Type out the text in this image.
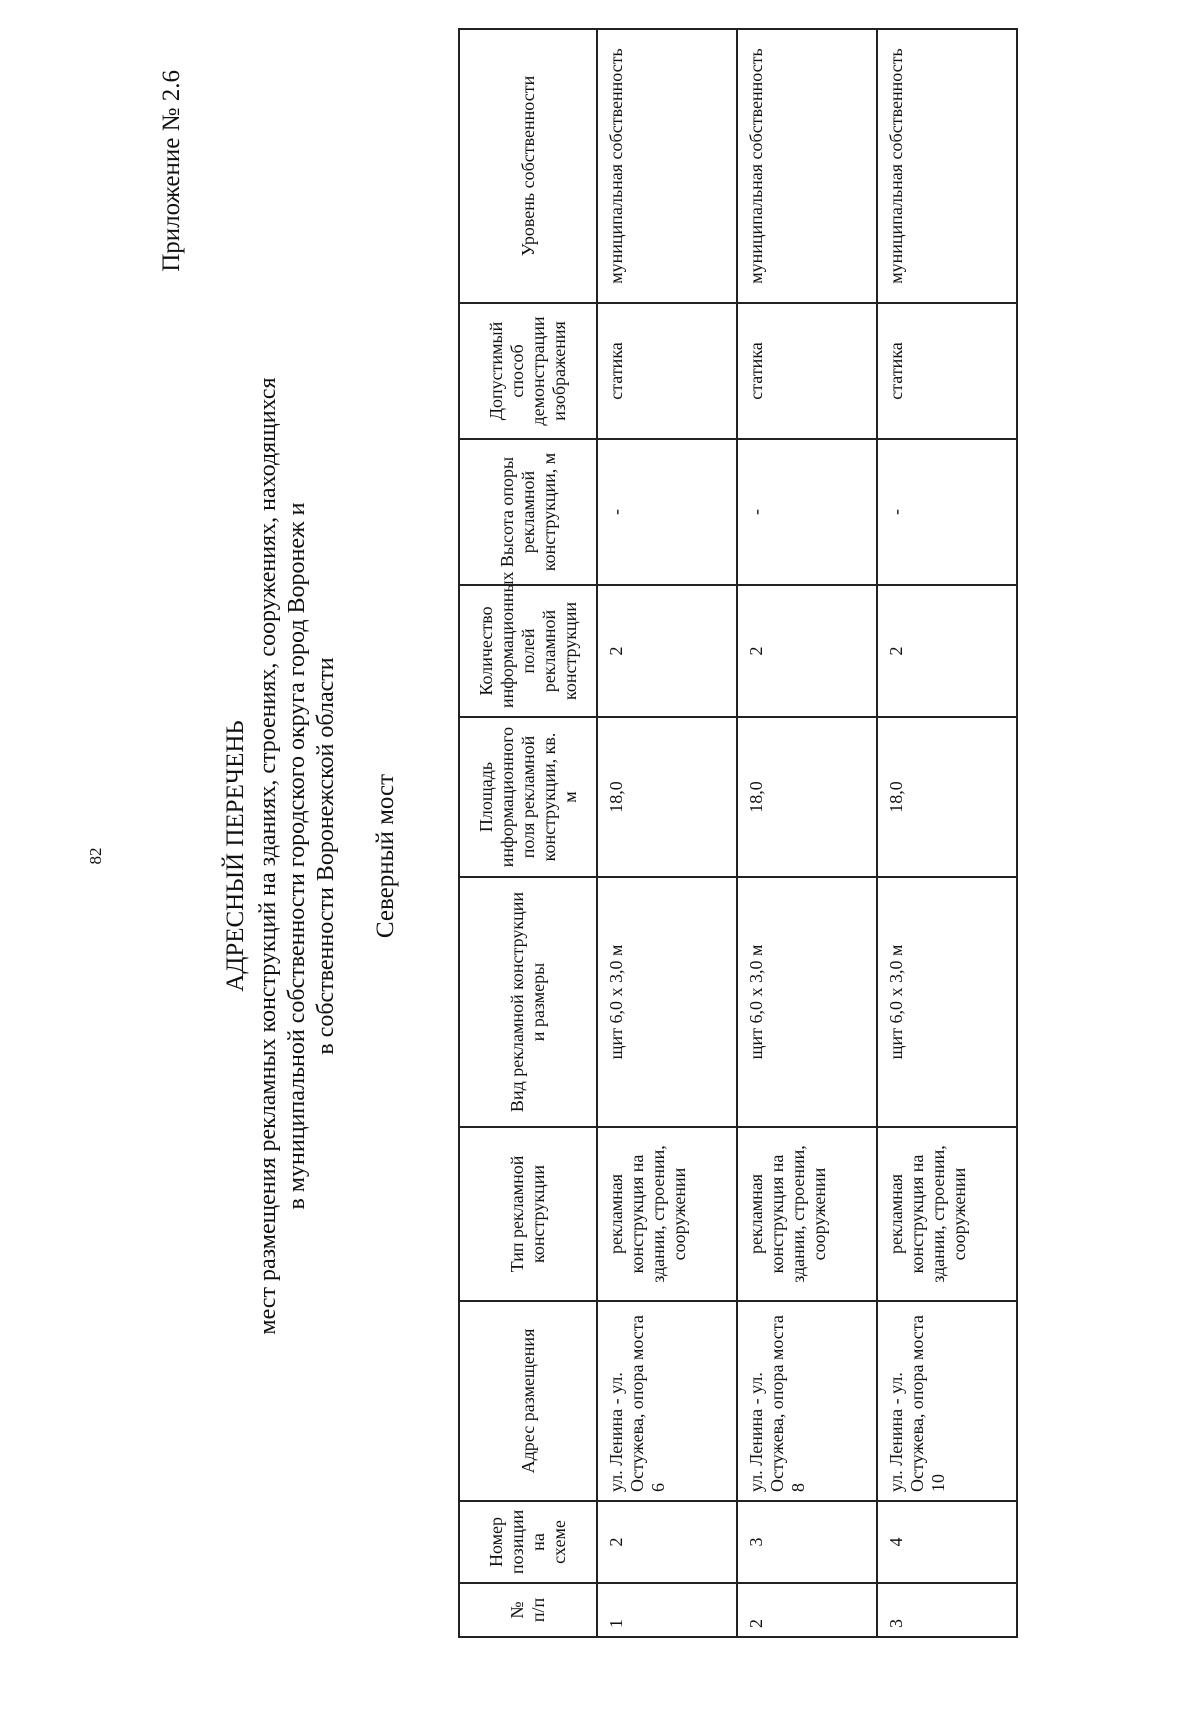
82
Приложение № 2.6
АДРЕСНЫЙ ПЕРЕЧЕНЬ мест размещения рекламных конструкций на зданиях, строениях, сооружениях, находящихся в муниципальной собственности городского округа город Воронеж и в собственности Воронежской области Северный мост
№ п/п	Номер позиции на схеме	Адрес размещения	Тип рекламной конструкции	Вид рекламной конструкции и размеры	Площадь информационного поля рекламной конструкции, кв. м	Количество информационных полей рекламной конструкции	Высота опоры рекламной конструкции, м	Допустимый способ демонстрации изображения	Уровень собственности
1	2	ул. Ленина - ул. Остужева, опора моста 6	рекламная конструкция на здании, строении, сооружении	щит 6,0 х 3,0 м	18,0	2	-	статика	муниципальная собственность
2	3	ул. Ленина - ул. Остужева, опора моста 8	рекламная конструкция на здании, строении, сооружении	щит 6,0 х 3,0 м	18,0	2	-	статика	муниципальная собственность
3	4	ул. Ленина - ул. Остужева, опора моста 10	рекламная конструкция на здании, строении, сооружении	щит 6,0 х 3,0 м	18,0	2	-	статика	муниципальная собственность
